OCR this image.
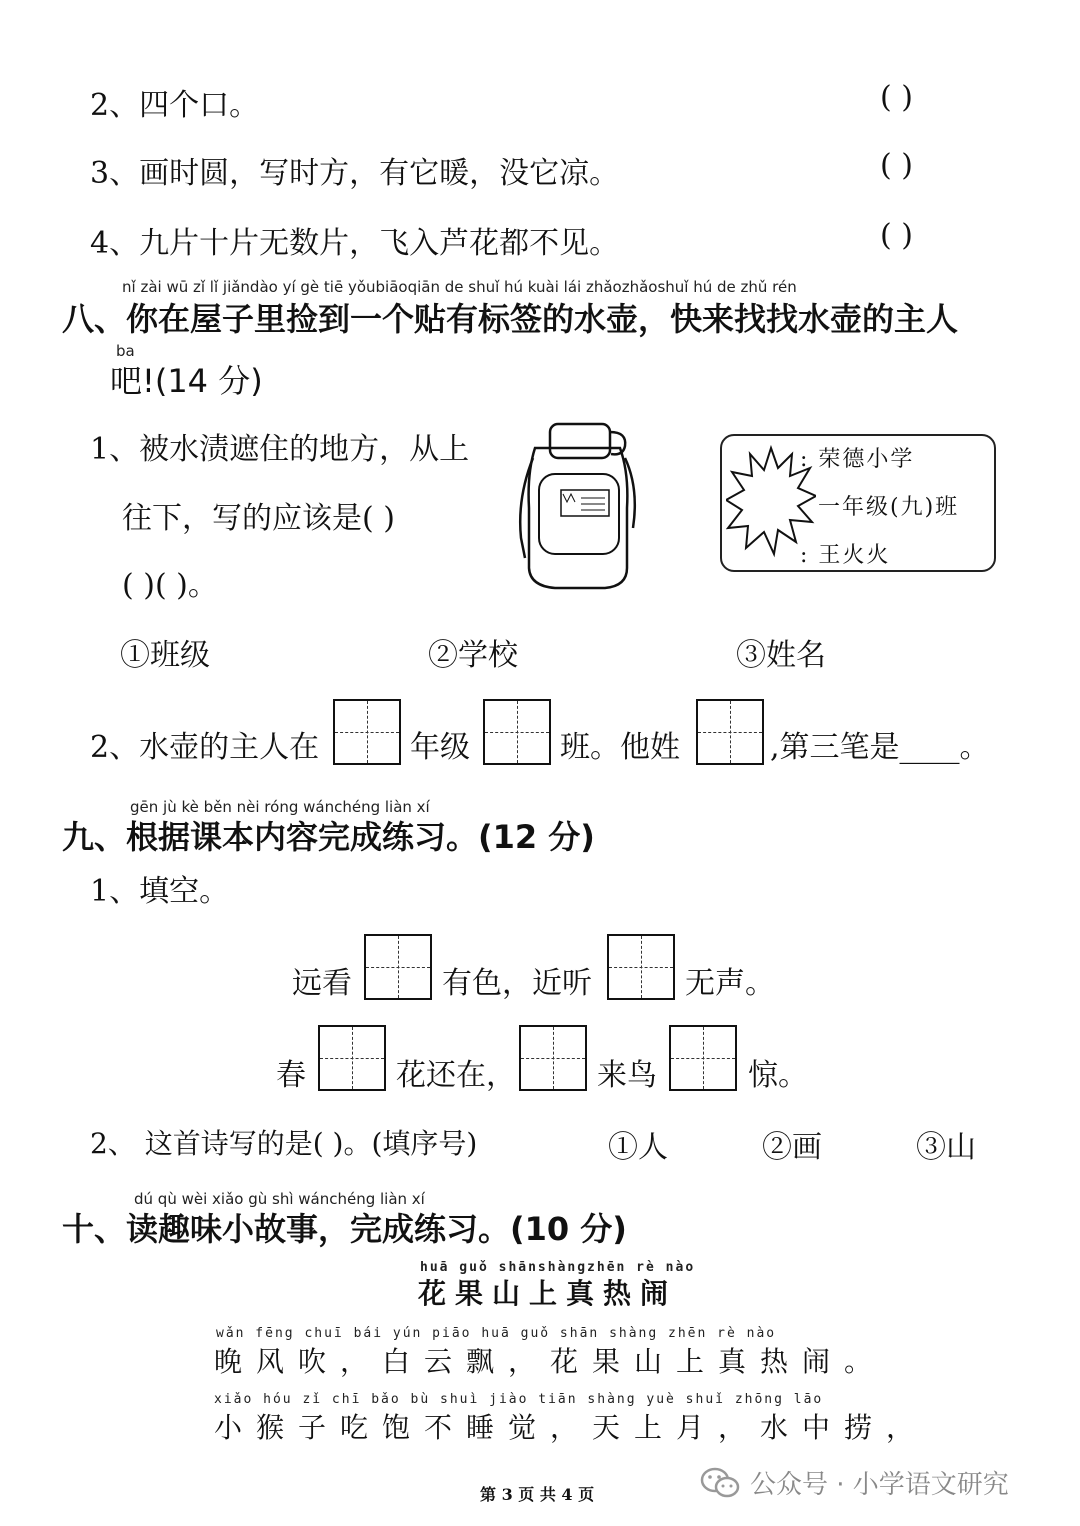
2、四个口。	( )
3、画时圆，写时方，有它暖，没它凉。	( )
4、九片十片无数片，飞入芦花都不见。	( )
nǐ zài wū zǐ lǐ jiǎndào yí gè tiē yǒubiāoqiān de shuǐ hú kuài lái zhǎozhǎoshuǐ hú de zhǔ rén
八、你在屋子里捡到一个贴有标签的水壶，快来找找水壶的主人
ba
吧!(14 分)
1、被水渍遮住的地方，从上
往下，写的应该是( )
( )( )。
: 荣德小学
一年级(九)班
: 王火火
①班级	②学校	③姓名
2、水壶的主人在	年级	班。他姓	,第三笔是____。
gēn jù kè běn nèi róng wánchéng liàn xí
九、根据课本内容完成练习。(12 分)
1、填空。
远看	有色，近听	无声。
春	花还在，	来鸟	惊。
2、 这首诗写的是( )。(填序号)	①人	②画	③山
dú qù wèi xiǎo gù shì wánchéng liàn xí
十、读趣味小故事，完成练习。(10 分)
huā guǒ shānshàngzhēn rè nào
花果山上真热闹
wǎn fēng chuī bái yún piāo huā guǒ shān shàng zhēn rè nào
晚风吹，白云飘，花果山上真热闹。
xiǎo hóu zǐ chī bǎo bù shuì jiào tiān shàng yuè shuǐ zhōng lāo
小猴子吃饱不睡觉，天上月，水中捞，
第 3 页 共 4 页	公众号 · 小学语文研究
